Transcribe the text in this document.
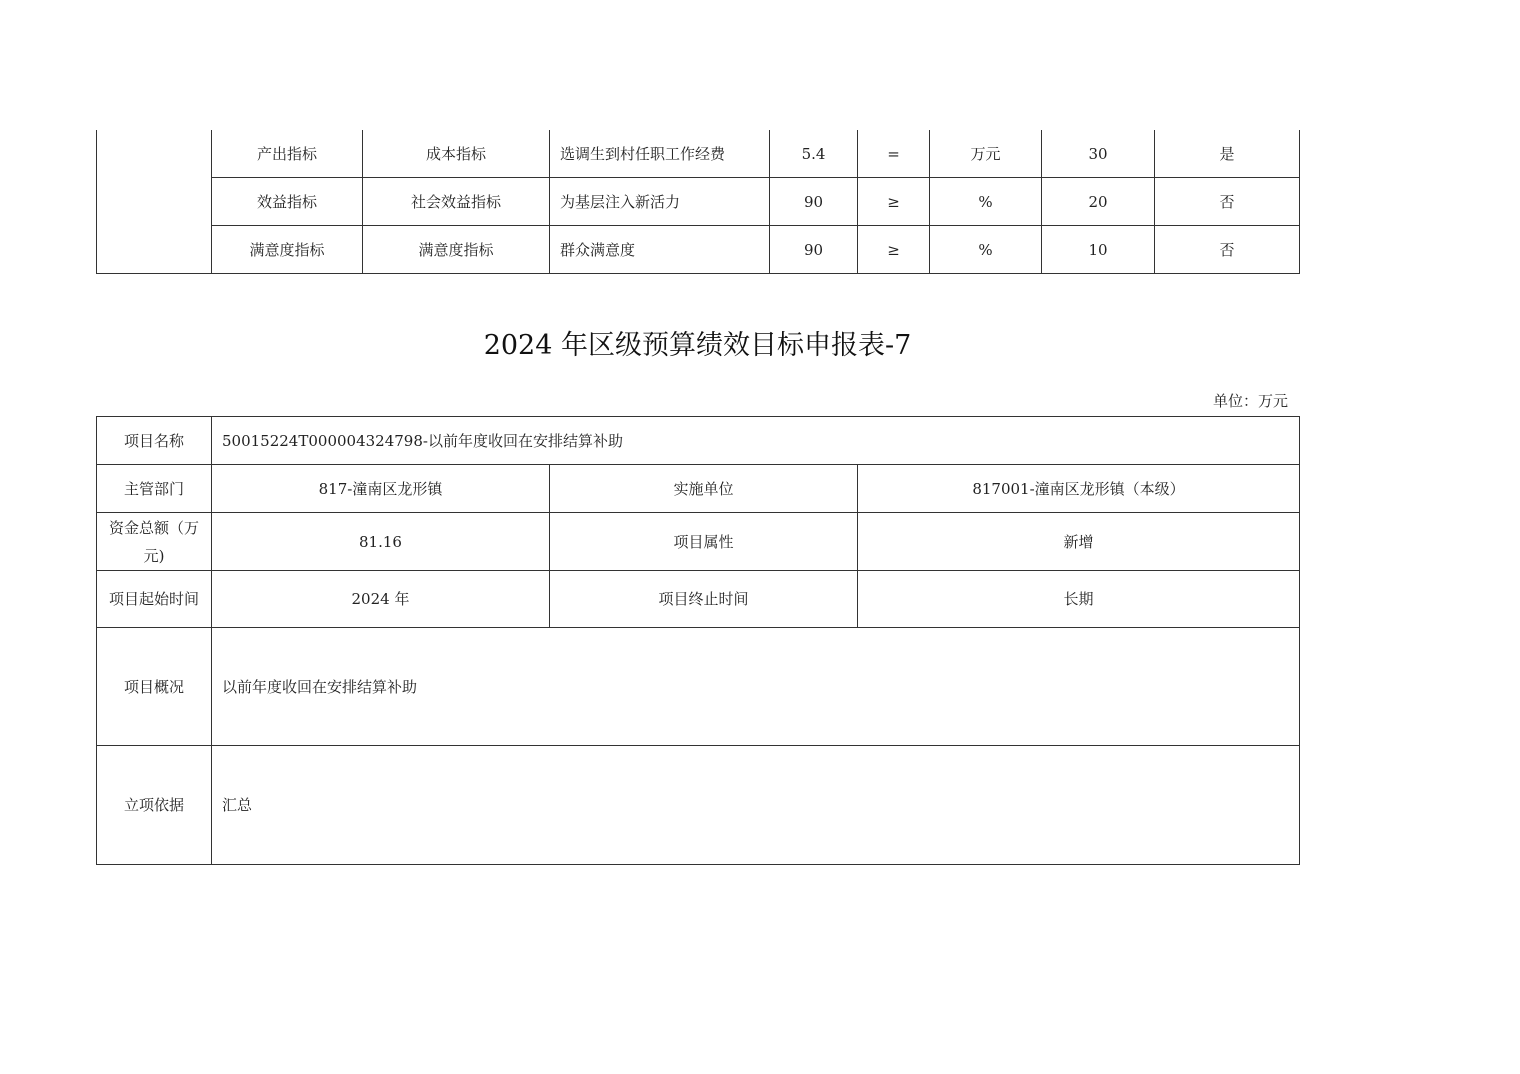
	产出指标	成本指标	选调生到村任职工作经费	5.4	=	万元	30	是
	效益指标	社会效益指标	为基层注入新活力	90	≥	%	20	否
	满意度指标	满意度指标	群众满意度	90	≥	%	10	否
2024 年区级预算绩效目标申报表-7
单位：万元
项目名称	50015224T000004324798-以前年度收回在安排结算补助		
主管部门	817-潼南区龙形镇	实施单位	817001-潼南区龙形镇（本级）
资金总额（万元)	81.16	项目属性	新增
项目起始时间	2024 年	项目终止时间	长期
项目概况	以前年度收回在安排结算补助		
立项依据	汇总		
